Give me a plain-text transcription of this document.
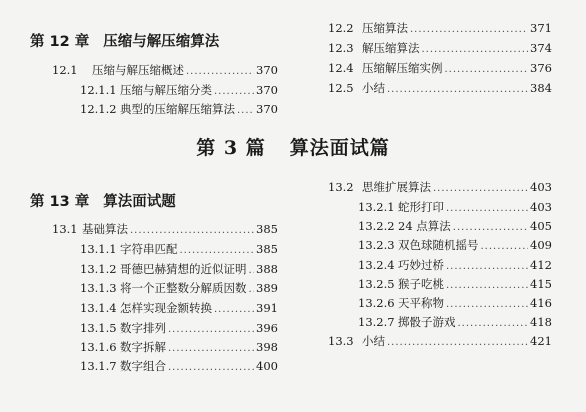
第 12 章 压缩与解压缩算法
12.1	压缩与解压缩概述 .....	370
12.1.1 压缩与解压缩分类 .....	370
12.1.2 典型的压缩解压缩算法 ..... 370
12.2 压缩算法 .....	371
12.3 解压缩算法 .....	374
12.4 压缩解压缩实例 .....	376
12.5 小结 .....	384
第 3 篇 算法面试篇
第 13 章 算法面试题
13.1 基础算法 .....	385
13.1.1 字符串匹配 .....	385
13.1.2 哥德巴赫猜想的近似证明 ..... 388
13.1.3 将一个正整数分解质因数 ..... 389
13.1.4 怎样实现金额转换 .....	391
13.1.5 数字排列 .....	396
13.1.6 数字拆解 .....	398
13.1.7 数字组合 .....	400
13.2 思维扩展算法 .....	403
13.2.1 蛇形打印 .....	403
13.2.2 24 点算法 .....	405
13.2.3 双色球随机摇号 .....	409
13.2.4 巧妙过桥 .....	412
13.2.5 猴子吃桃 .....	415
13.2.6 天平称物 .....	416
13.2.7 掷骰子游戏 .....	418
13.3 小结 .....	421
